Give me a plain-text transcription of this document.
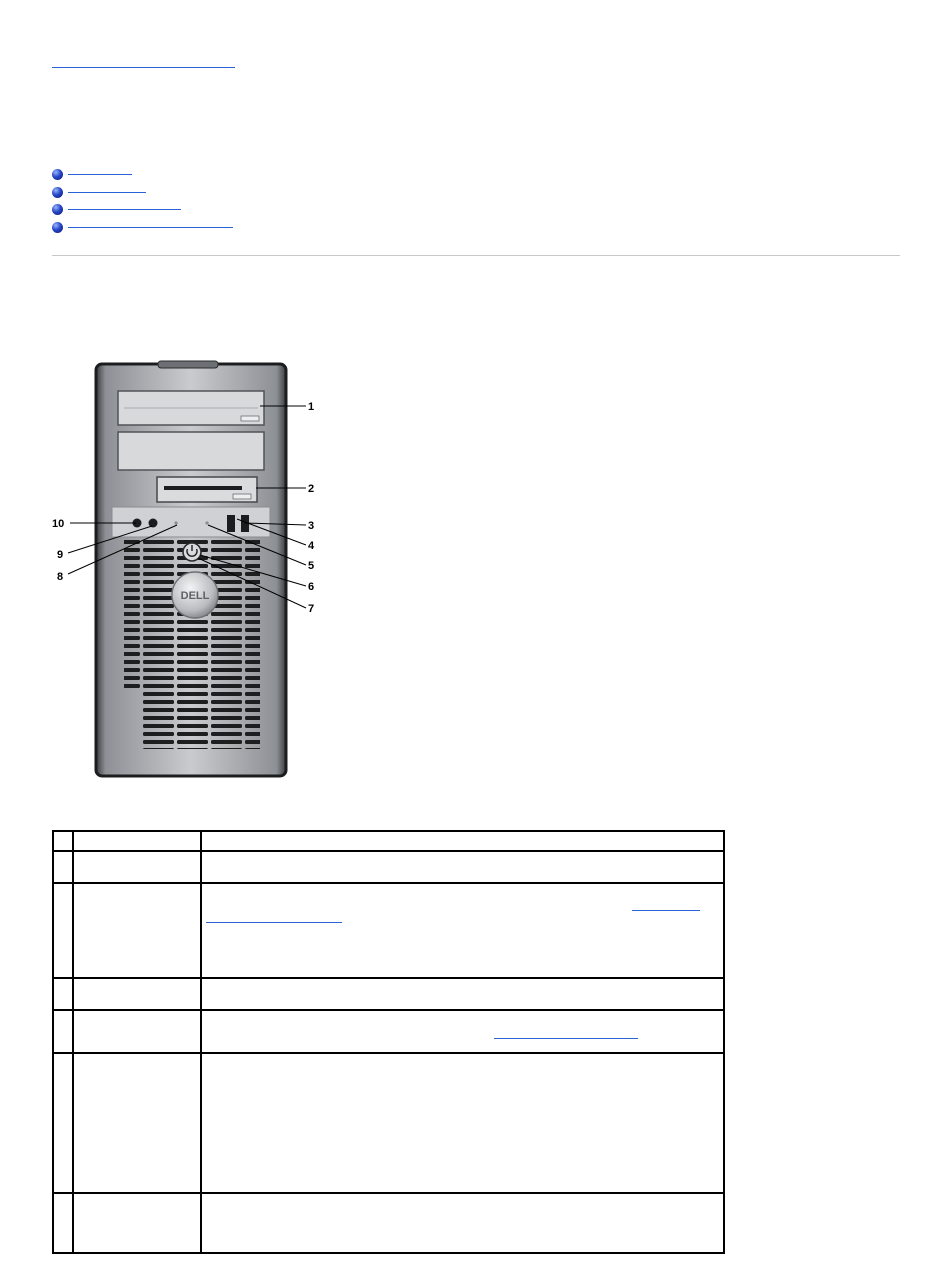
DELL
1
2
3
4
5
6
7
8
9
10
